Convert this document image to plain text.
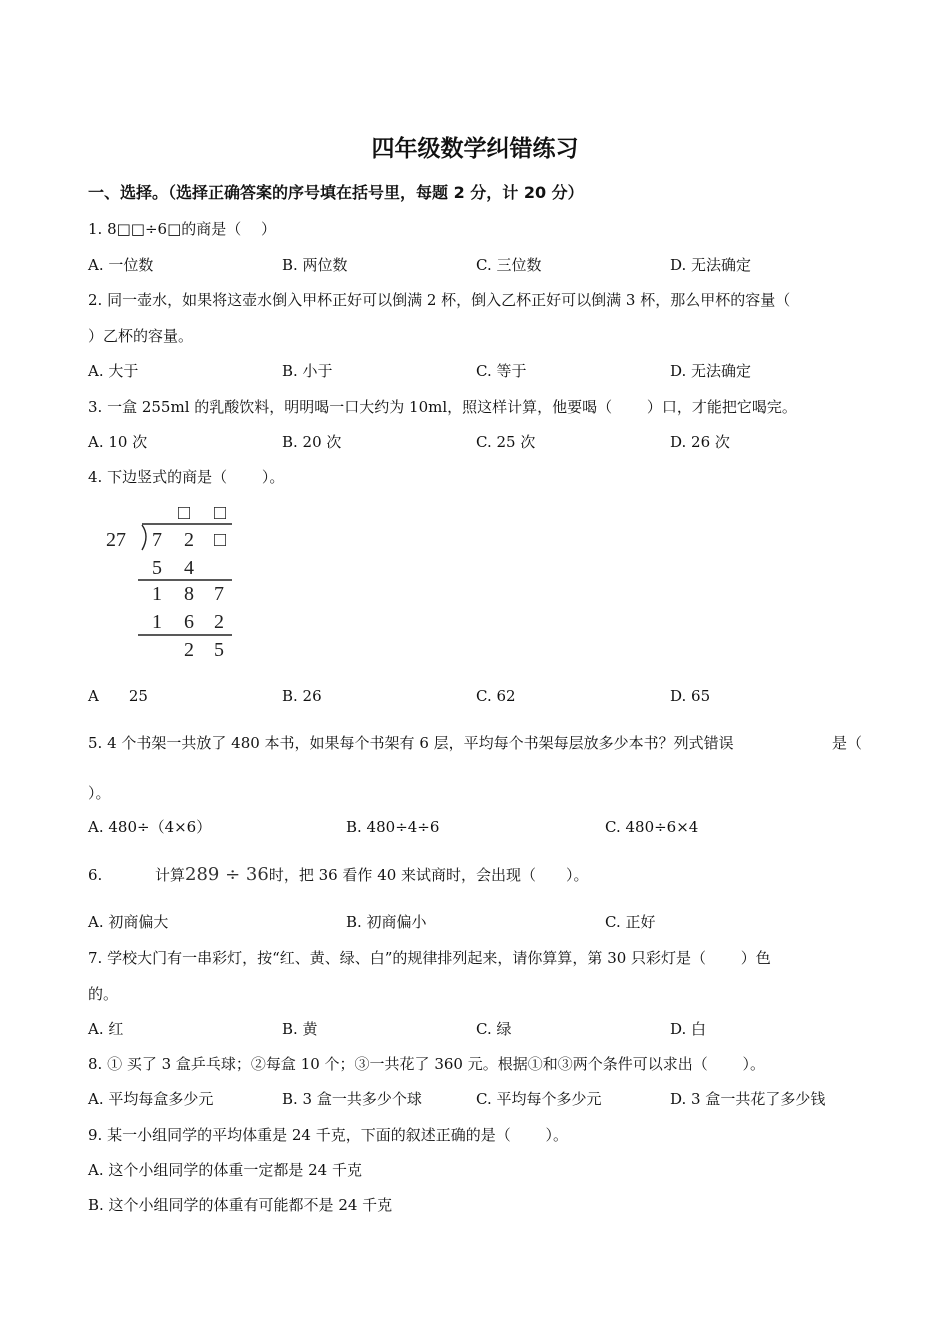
四年级数学纠错练习
一、选择。（选择正确答案的序号填在括号里，每题 2 分，计 20 分）
1. 8□□÷6□的商是（　 ）
A. 一位数	B. 两位数	C. 三位数	D. 无法确定
2. 同一壶水，如果将这壶水倒入甲杯正好可以倒满 2 杯，倒入乙杯正好可以倒满 3 杯，那么甲杯的容量（
）乙杯的容量。
A. 大于	B. 小于	C. 等于	D. 无法确定
3. 一盒 255ml 的乳酸饮料，明明喝一口大约为 10ml，照这样计算，他要喝（　　 ）口，才能把它喝完。
A. 10 次	B. 20 次	C. 25 次	D. 26 次
4. 下边竖式的商是（　　 ）。
□ □
27 7 2 □
5 4
1 8 7
1 6 2
2 5
A　　25	B. 26	C. 62	D. 65
5. 4 个书架一共放了 480 本书，如果每个书架有 6 层，平均每个书架每层放多少本书？列式错误	是（
）。
A. 480÷（4×6）	B. 480÷4÷6	C. 480÷6×4
6.	计算289 ÷ 36时，把 36 看作 40 来试商时，会出现（　　）。
A. 初商偏大	B. 初商偏小	C. 正好
7. 学校大门有一串彩灯，按“红、黄、绿、白”的规律排列起来，请你算算，第 30 只彩灯是（　　 ）色
的。
A. 红	B. 黄	C. 绿	D. 白
8. ① 买了 3 盒乒乓球；②每盒 10 个；③一共花了 360 元。根据①和③两个条件可以求出（　　 ）。
A. 平均每盒多少元	B. 3 盒一共多少个球	C. 平均每个多少元	D. 3 盒一共花了多少钱
9. 某一小组同学的平均体重是 24 千克，下面的叙述正确的是（　　 ）。
A. 这个小组同学的体重一定都是 24 千克
B. 这个小组同学的体重有可能都不是 24 千克
